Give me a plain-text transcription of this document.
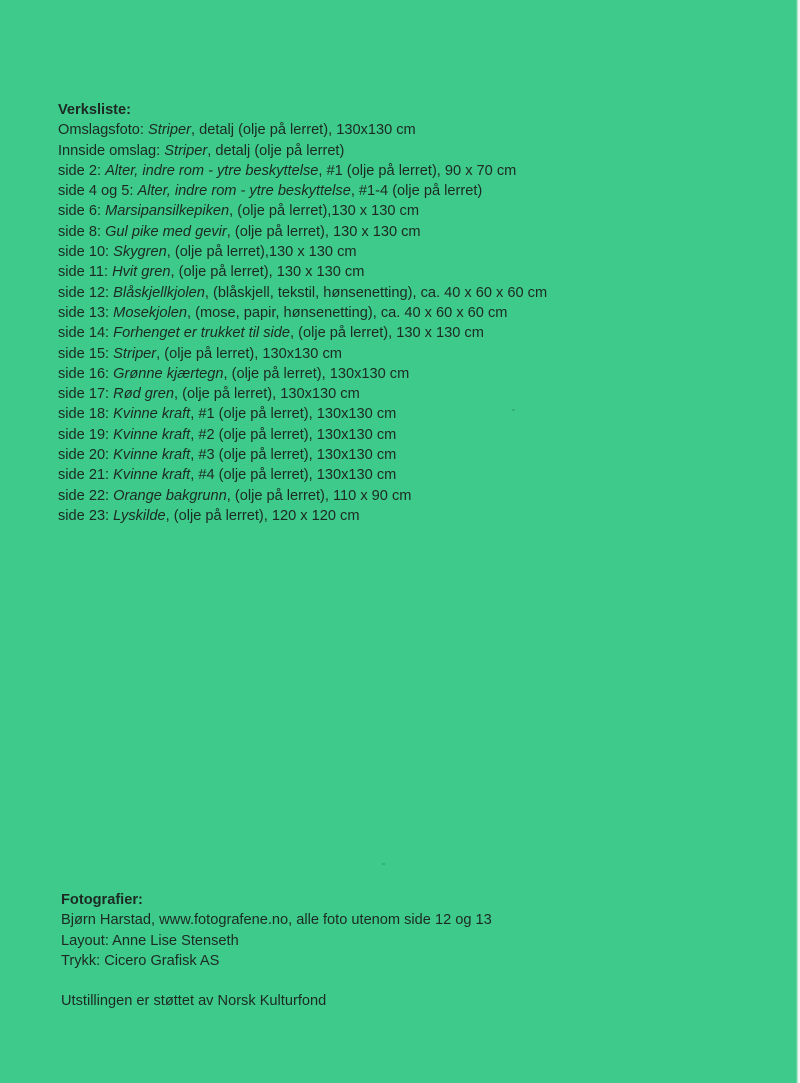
Verksliste:
Omslagsfoto: Striper, detalj (olje på lerret), 130x130 cm
Innside omslag: Striper, detalj (olje på lerret)
side 2: Alter, indre rom - ytre beskyttelse, #1 (olje på lerret), 90 x 70 cm
side 4 og 5: Alter, indre rom - ytre beskyttelse, #1-4 (olje på lerret)
side 6: Marsipansilkepiken, (olje på lerret),130 x 130 cm
side 8: Gul pike med gevir, (olje på lerret), 130 x 130 cm
side 10: Skygren, (olje på lerret),130 x 130 cm
side 11: Hvit gren, (olje på lerret), 130 x 130 cm
side 12: Blåskjellkjolen, (blåskjell, tekstil, hønsenetting), ca. 40 x 60 x 60 cm
side 13: Mosekjolen, (mose, papir, hønsenetting), ca. 40 x 60 x 60 cm
side 14: Forhenget er trukket til side, (olje på lerret), 130 x 130 cm
side 15: Striper, (olje på lerret), 130x130 cm
side 16: Grønne kjærtegn, (olje på lerret), 130x130 cm
side 17: Rød gren, (olje på lerret), 130x130 cm
side 18: Kvinne kraft, #1 (olje på lerret), 130x130 cm
side 19: Kvinne kraft, #2 (olje på lerret), 130x130 cm
side 20: Kvinne kraft, #3 (olje på lerret), 130x130 cm
side 21: Kvinne kraft, #4 (olje på lerret), 130x130 cm
side 22: Orange bakgrunn, (olje på lerret), 110 x 90 cm
side 23: Lyskilde, (olje på lerret), 120 x 120 cm
Fotografier:
Bjørn Harstad, www.fotografene.no, alle foto utenom side 12 og 13
Layout: Anne Lise Stenseth
Trykk: Cicero Grafisk AS
Utstillingen er støttet av Norsk Kulturfond
